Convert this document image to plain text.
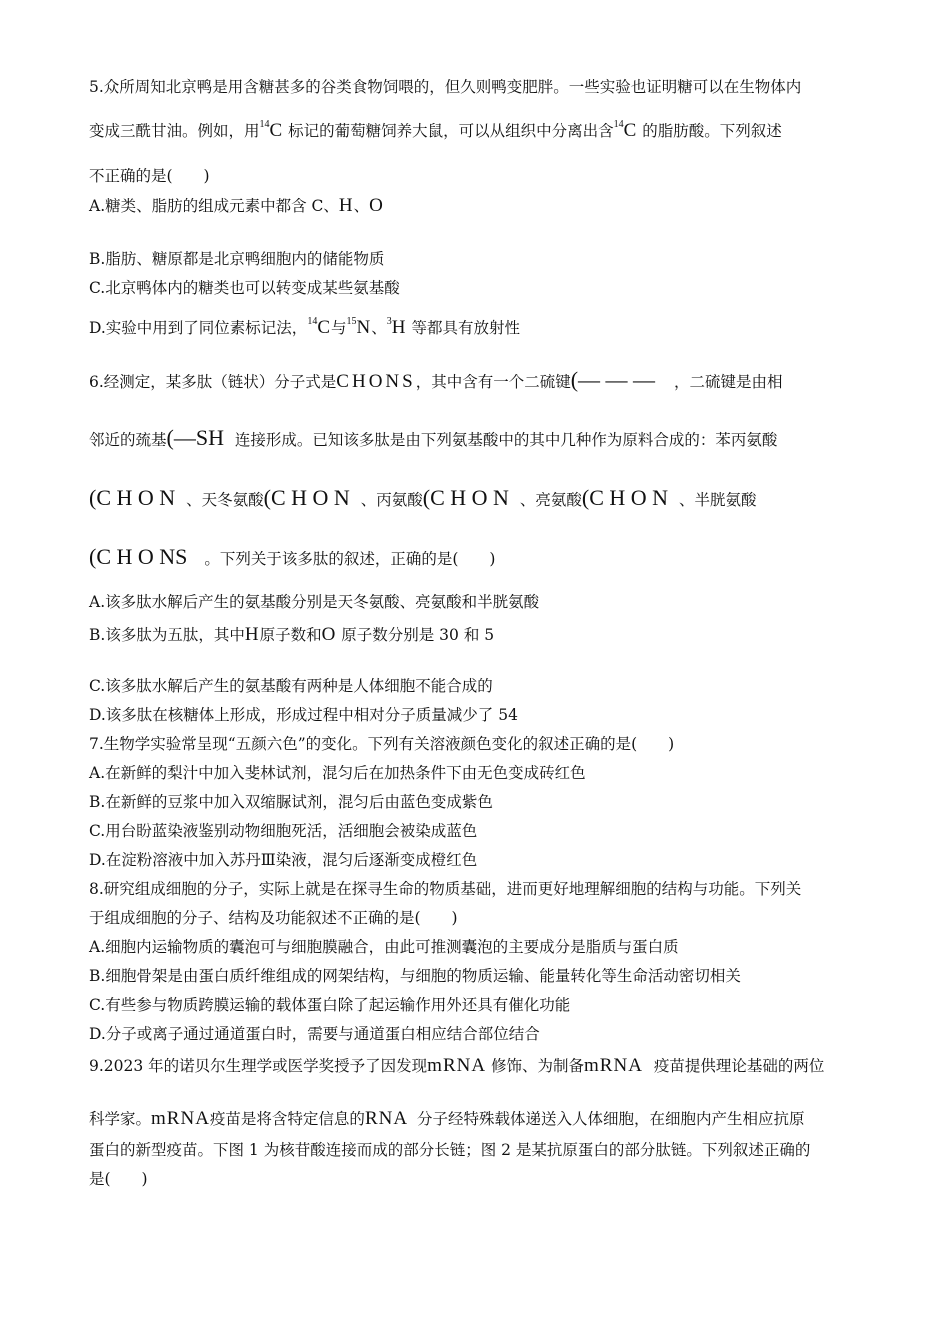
5.众所周知北京鸭是用含糖甚多的谷类食物饲喂的，但久则鸭变肥胖。一些实验也证明糖可以在生物体内
变成三酰甘油。例如，用$^{14}$C 标记的葡萄糖饲养大鼠，可以从组织中分离出含$^{14}$C 的脂肪酸。下列叙述
不正确的是(　　)
A.糖类、脂肪的组成元素中都含 C、H、O
B.脂肪、糖原都是北京鸭细胞内的储能物质
C.北京鸭体内的糖类也可以转变成某些氨基酸
D.实验中用到了同位素标记法，$^{14}$C与$^{15}$N、$^3$H 等都具有放射性
6.经测定，某多肽（链状）分子式是CHONS，其中含有一个二硫键(— — — ，二硫键是由相
邻近的巯基(—SH 连接形成。已知该多肽是由下列氨基酸中的其中几种作为原料合成的：苯丙氨酸
(C H O N 、天冬氨酸(C H O N 、丙氨酸(C H O N 、亮氨酸(C H O N 、半胱氨酸
(C H O NS 。下列关于该多肽的叙述，正确的是(　　)
A.该多肽水解后产生的氨基酸分别是天冬氨酸、亮氨酸和半胱氨酸
B.该多肽为五肽，其中H原子数和O 原子数分别是 30 和 5
C.该多肽水解后产生的氨基酸有两种是人体细胞不能合成的
D.该多肽在核糖体上形成，形成过程中相对分子质量减少了 54
7.生物学实验常呈现“五颜六色”的变化。下列有关溶液颜色变化的叙述正确的是(　　)
A.在新鲜的梨汁中加入斐林试剂，混匀后在加热条件下由无色变成砖红色
B.在新鲜的豆浆中加入双缩脲试剂，混匀后由蓝色变成紫色
C.用台盼蓝染液鉴别动物细胞死活，活细胞会被染成蓝色
D.在淀粉溶液中加入苏丹Ⅲ染液，混匀后逐渐变成橙红色
8.研究组成细胞的分子，实际上就是在探寻生命的物质基础，进而更好地理解细胞的结构与功能。下列关
于组成细胞的分子、结构及功能叙述不正确的是(　　)
A.细胞内运输物质的囊泡可与细胞膜融合，由此可推测囊泡的主要成分是脂质与蛋白质
B.细胞骨架是由蛋白质纤维组成的网架结构，与细胞的物质运输、能量转化等生命活动密切相关
C.有些参与物质跨膜运输的载体蛋白除了起运输作用外还具有催化功能
D.分子或离子通过通道蛋白时，需要与通道蛋白相应结合部位结合
9.2023 年的诺贝尔生理学或医学奖授予了因发现mRNA 修饰、为制备mRNA 疫苗提供理论基础的两位
科学家。mRNA疫苗是将含特定信息的RNA 分子经特殊载体递送入人体细胞，在细胞内产生相应抗原
蛋白的新型疫苗。下图 1 为核苷酸连接而成的部分长链；图 2 是某抗原蛋白的部分肽链。下列叙述正确的
是(　　)
